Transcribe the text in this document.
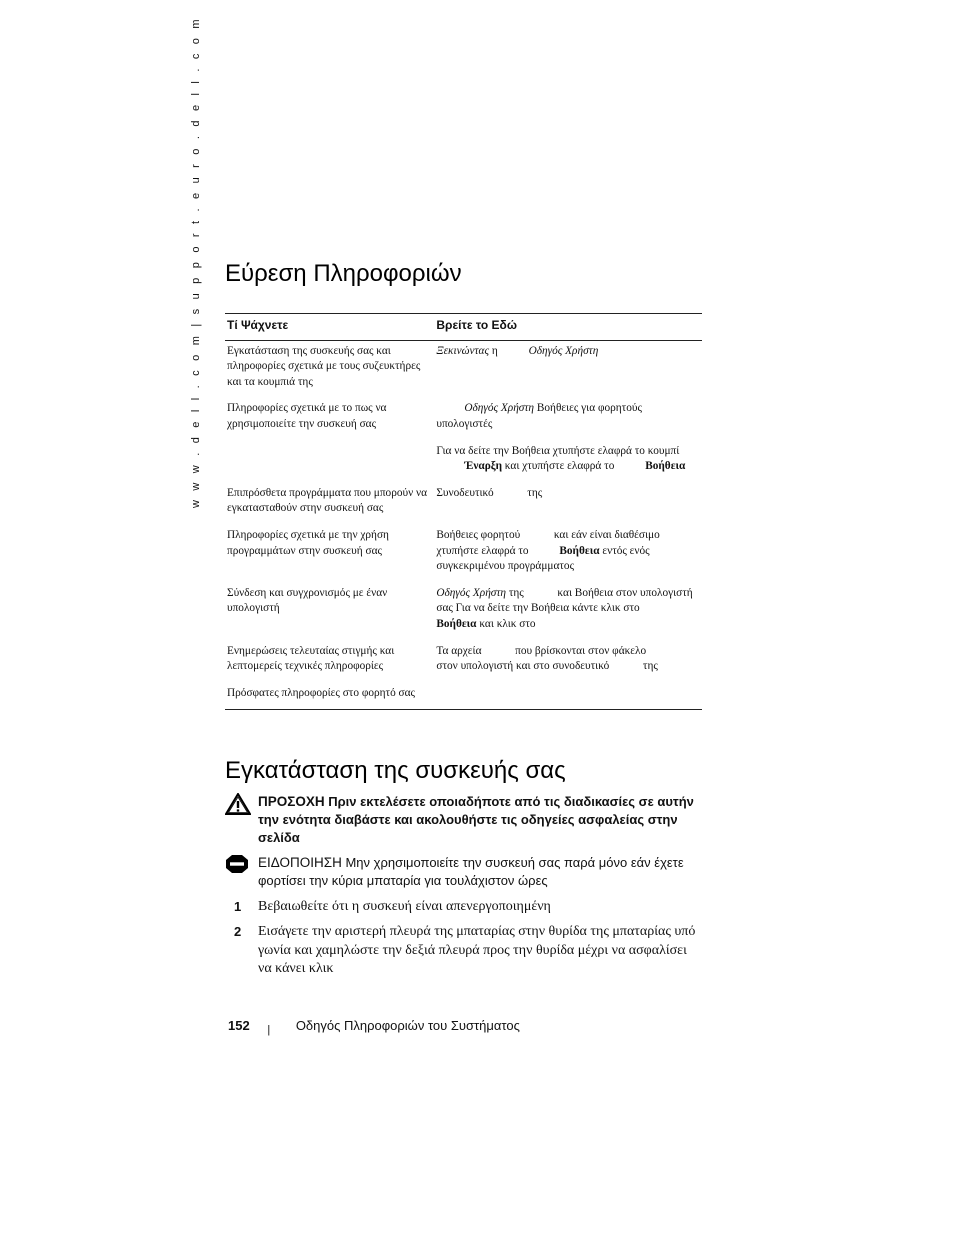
w w w . d e l l . c o m | s u p p o r t . e u r o . d e l l . c o m Εύρεση Πληροφοριών
Τί Ψάχνετε	Βρείτε το Εδώ
Εγκατάσταση της συσκευής σας και πληροφορίες σχετικά με τους συζευκτήρες και τα κουμπιά της	Ξεκινώντας η Οδηγός Χρήστη
Πληροφορίες σχετικά με το πως να χρησιμοποιείτε την συσκευή σας	Οδηγός Χρήστη Βοήθειες για φορητούς υπολογιστές
	Για να δείτε την Βοήθεια χτυπήστε ελαφρά το κουμπί Έναρξη και χτυπήστε ελαφρά το Βοήθεια
Επιπρόσθετα προγράμματα που μπορούν να εγκατασταθούν στην συσκευή σας	Συνοδευτικό  της
Πληροφορίες σχετικά με την χρήση προγραμμάτων στην συσκευή σας	Βοήθειες φορητού  και εάν είναι διαθέσιμο χτυπήστε ελαφρά το Βοήθεια εντός ενός συγκεκριμένου προγράμματος
Σύνδεση και συγχρονισμός με έναν υπολογιστή	Οδηγός Χρήστη της  και Βοήθεια στον υπολογιστή σας Για να δείτε την Βοήθεια κάντε κλικ στο Βοήθεια και κλικ στο
Ενημερώσεις τελευταίας στιγμής και λεπτομερείς τεχνικές πληροφορίες	Τα αρχεία  που βρίσκονται στον φάκελο  στον υπολογιστή και στο συνοδευτικό  της
Πρόσφατες πληροφορίες στο φορητό σας	
Εγκατάσταση της συσκευής σας
ΠΡΟΣΟΧΗ Πριν εκτελέσετε οποιαδήποτε από τις διαδικασίες σε αυτήν την ενότητα διαβάστε και ακολουθήστε τις οδηγείες ασφαλείας στην σελίδα
ΕΙΔΟΠΟΙΗΣΗ Μην χρησιμοποιείτε την συσκευή σας παρά μόνο εάν έχετε φορτίσει την κύρια μπαταρία για τουλάχιστον ώρες
1 Βεβαιωθείτε ότι η συσκευή είναι απενεργοποιημένη
2 Εισάγετε την αριστερή πλευρά της μπαταρίας στην θυρίδα της μπαταρίας υπό γωνία και χαμηλώστε την δεξιά πλευρά προς την θυρίδα μέχρι να ασφαλίσει να κάνει κλικ
152 | Οδηγός Πληροφοριών του Συστήματος
